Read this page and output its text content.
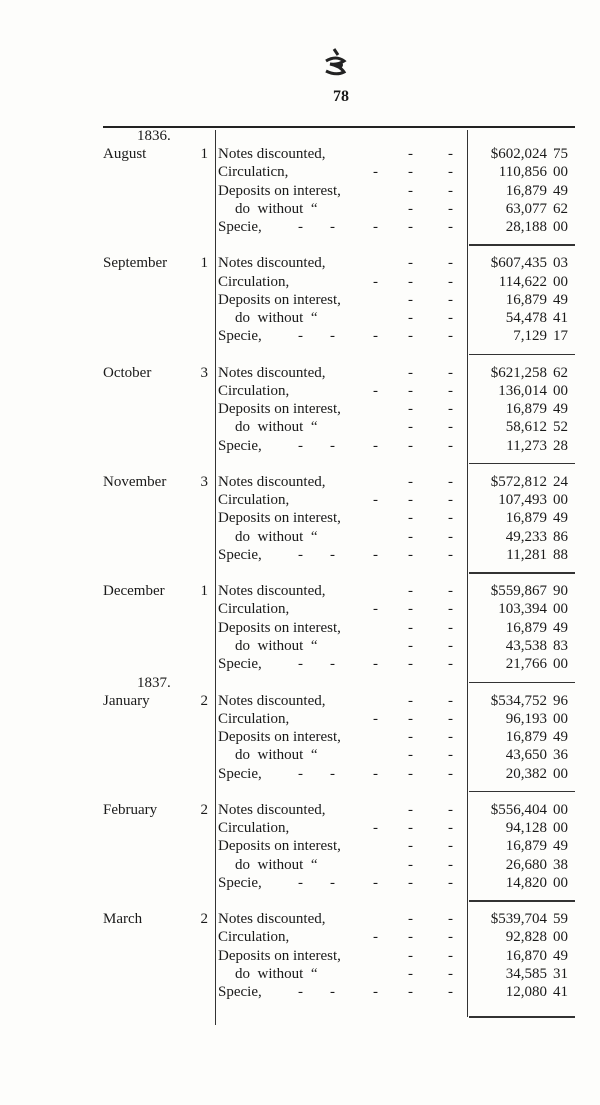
78
1836.
August	1 Notes discounted,	- -	$602,024 75
Circulaticn,	- - -	110,856 00
Deposits on interest,	- -	16,879 49
do  without  “	- -	63,077 62
Specie, - -	- - -	28,188 00
September	1 Notes discounted,	- -	$607,435 03
Circulation,	- - -	114,622 00
Deposits on interest,	- -	16,879 49
do  without  “	- -	54,478 41
Specie, - -	- - -	7,129 17
October	3 Notes discounted,	- -	$621,258 62
Circulation,	- - -	136,014 00
Deposits on interest,	- -	16,879 49
do  without  “	- -	58,612 52
Specie, - -	- - -	11,273 28
November	3 Notes discounted,	- -	$572,812 24
Circulation,	- - -	107,493 00
Deposits on interest,	- -	16,879 49
do  without  “	- -	49,233 86
Specie, - -	- - -	11,281 88
December	1 Notes discounted,	- -	$559,867 90
Circulation,	- - -	103,394 00
Deposits on interest,	- -	16,879 49
do  without  “	- -	43,538 83
Specie, - -	- - -	21,766 00
1837.
January	2 Notes discounted,	- -	$534,752 96
Circulation,	- - -	96,193 00
Deposits on interest,	- -	16,879 49
do  without  “	- -	43,650 36
Specie, - -	- - -	20,382 00
February	2 Notes discounted,	- -	$556,404 00
Circulation,	- - -	94,128 00
Deposits on interest,	- -	16,879 49
do  without  “	- -	26,680 38
Specie, - -	- - -	14,820 00
March	2 Notes discounted,	- -	$539,704 59
Circulation,	- - -	92,828 00
Deposits on interest,	- -	16,870 49
do  without  “	- -	34,585 31
Specie, - -	- - -	12,080 41
